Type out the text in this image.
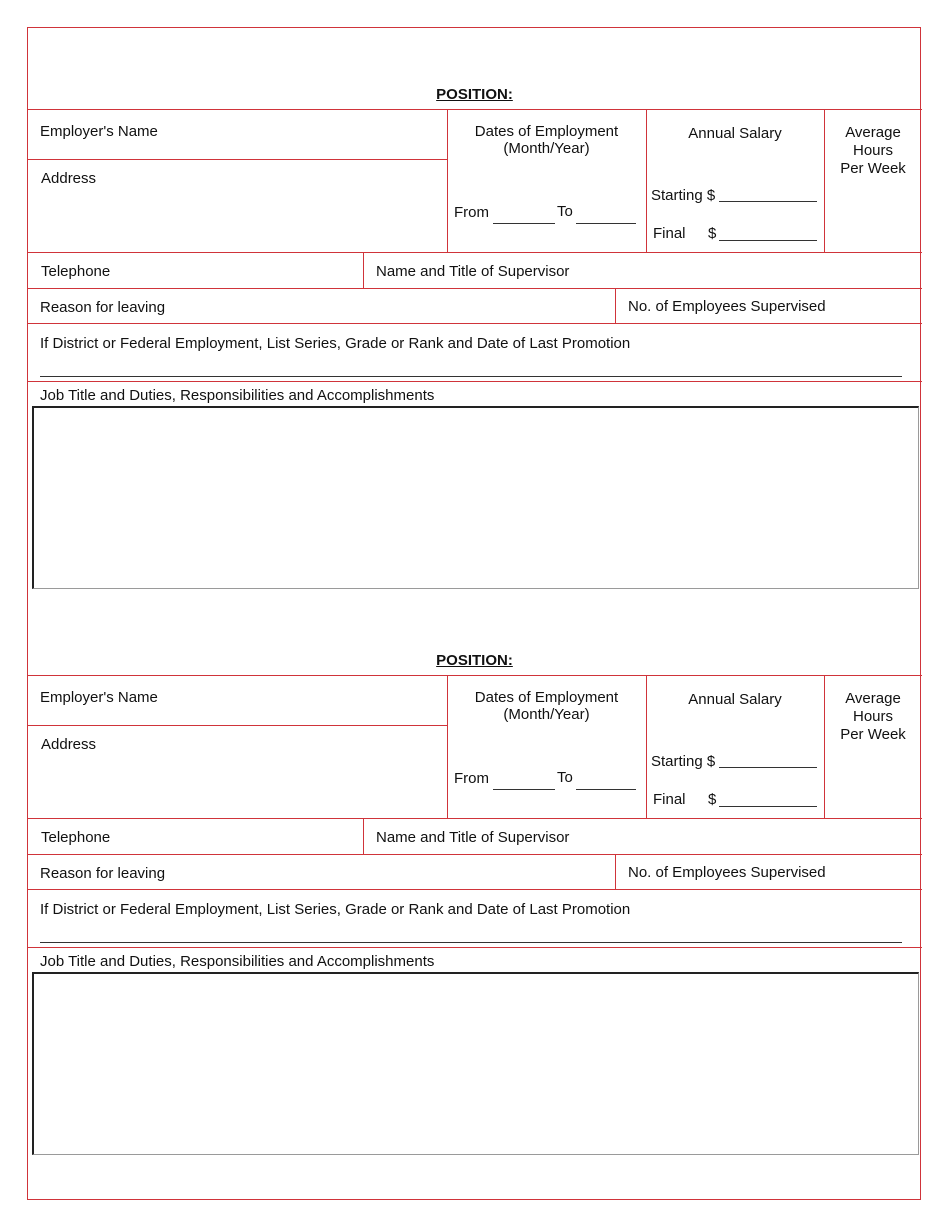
POSITION:
Employer's Name
Address
Dates of Employment
(Month/Year)
From	To
Annual Salary
Starting $
Final $
Average
Hours
Per Week
Telephone	Name and Title of Supervisor
Reason for leaving	No. of Employees Supervised
If District or Federal Employment, List Series, Grade or Rank and Date of Last Promotion
Job Title and Duties, Responsibilities and Accomplishments
POSITION:
Employer's Name
Address
Dates of Employment
(Month/Year)
From	To
Annual Salary
Starting $
Final $
Average
Hours
Per Week
Telephone	Name and Title of Supervisor
Reason for leaving	No. of Employees Supervised
If District or Federal Employment, List Series, Grade or Rank and Date of Last Promotion
Job Title and Duties, Responsibilities and Accomplishments
